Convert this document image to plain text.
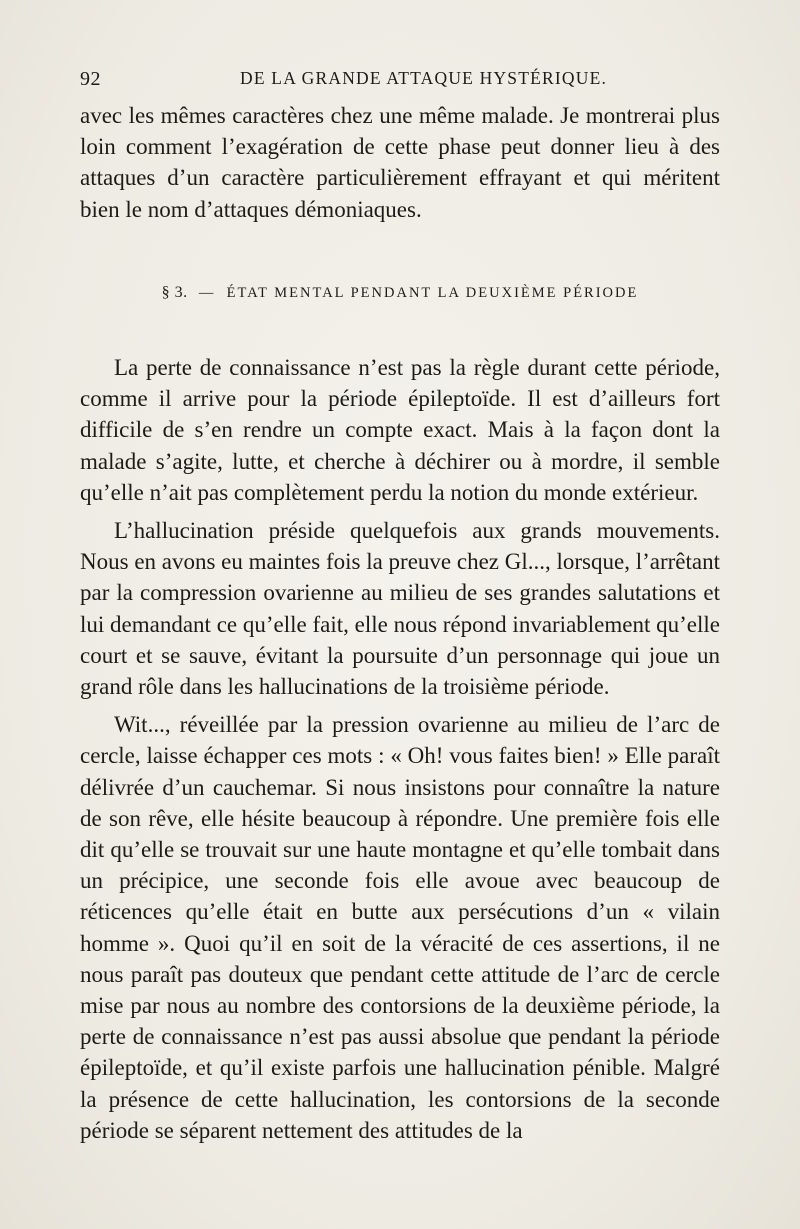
92	DE LA GRANDE ATTAQUE HYSTÉRIQUE.

avec les mêmes caractères chez une même malade. Je montrerai plus loin comment l’exagération de cette phase peut donner lieu à des attaques d’un caractère particulièrement effrayant et qui méritent bien le nom d’attaques démoniaques.

§ 3. — ÉTAT MENTAL PENDANT LA DEUXIÈME PÉRIODE

La perte de connaissance n’est pas la règle durant cette période, comme il arrive pour la période épileptoïde. Il est d’ailleurs fort difficile de s’en rendre un compte exact. Mais à la façon dont la malade s’agite, lutte, et cherche à déchirer ou à mordre, il semble qu’elle n’ait pas complètement perdu la notion du monde extérieur.

L’hallucination préside quelquefois aux grands mouvements. Nous en avons eu maintes fois la preuve chez Gl..., lorsque, l’arrêtant par la compression ovarienne au milieu de ses grandes salutations et lui demandant ce qu’elle fait, elle nous répond invariablement qu’elle court et se sauve, évitant la poursuite d’un personnage qui joue un grand rôle dans les hallucinations de la troisième période.

Wit..., réveillée par la pression ovarienne au milieu de l’arc de cercle, laisse échapper ces mots : « Oh! vous faites bien! » Elle paraît délivrée d’un cauchemar. Si nous insistons pour connaître la nature de son rêve, elle hésite beaucoup à répondre. Une première fois elle dit qu’elle se trouvait sur une haute montagne et qu’elle tombait dans un précipice, une seconde fois elle avoue avec beaucoup de réticences qu’elle était en butte aux persécutions d’un « vilain homme ». Quoi qu’il en soit de la véracité de ces assertions, il ne nous paraît pas douteux que pendant cette attitude de l’arc de cercle mise par nous au nombre des contorsions de la deuxième période, la perte de connaissance n’est pas aussi absolue que pendant la période épileptoïde, et qu’il existe parfois une hallucination pénible. Malgré la présence de cette hallucination, les contorsions de la seconde période se séparent nettement des attitudes de la
